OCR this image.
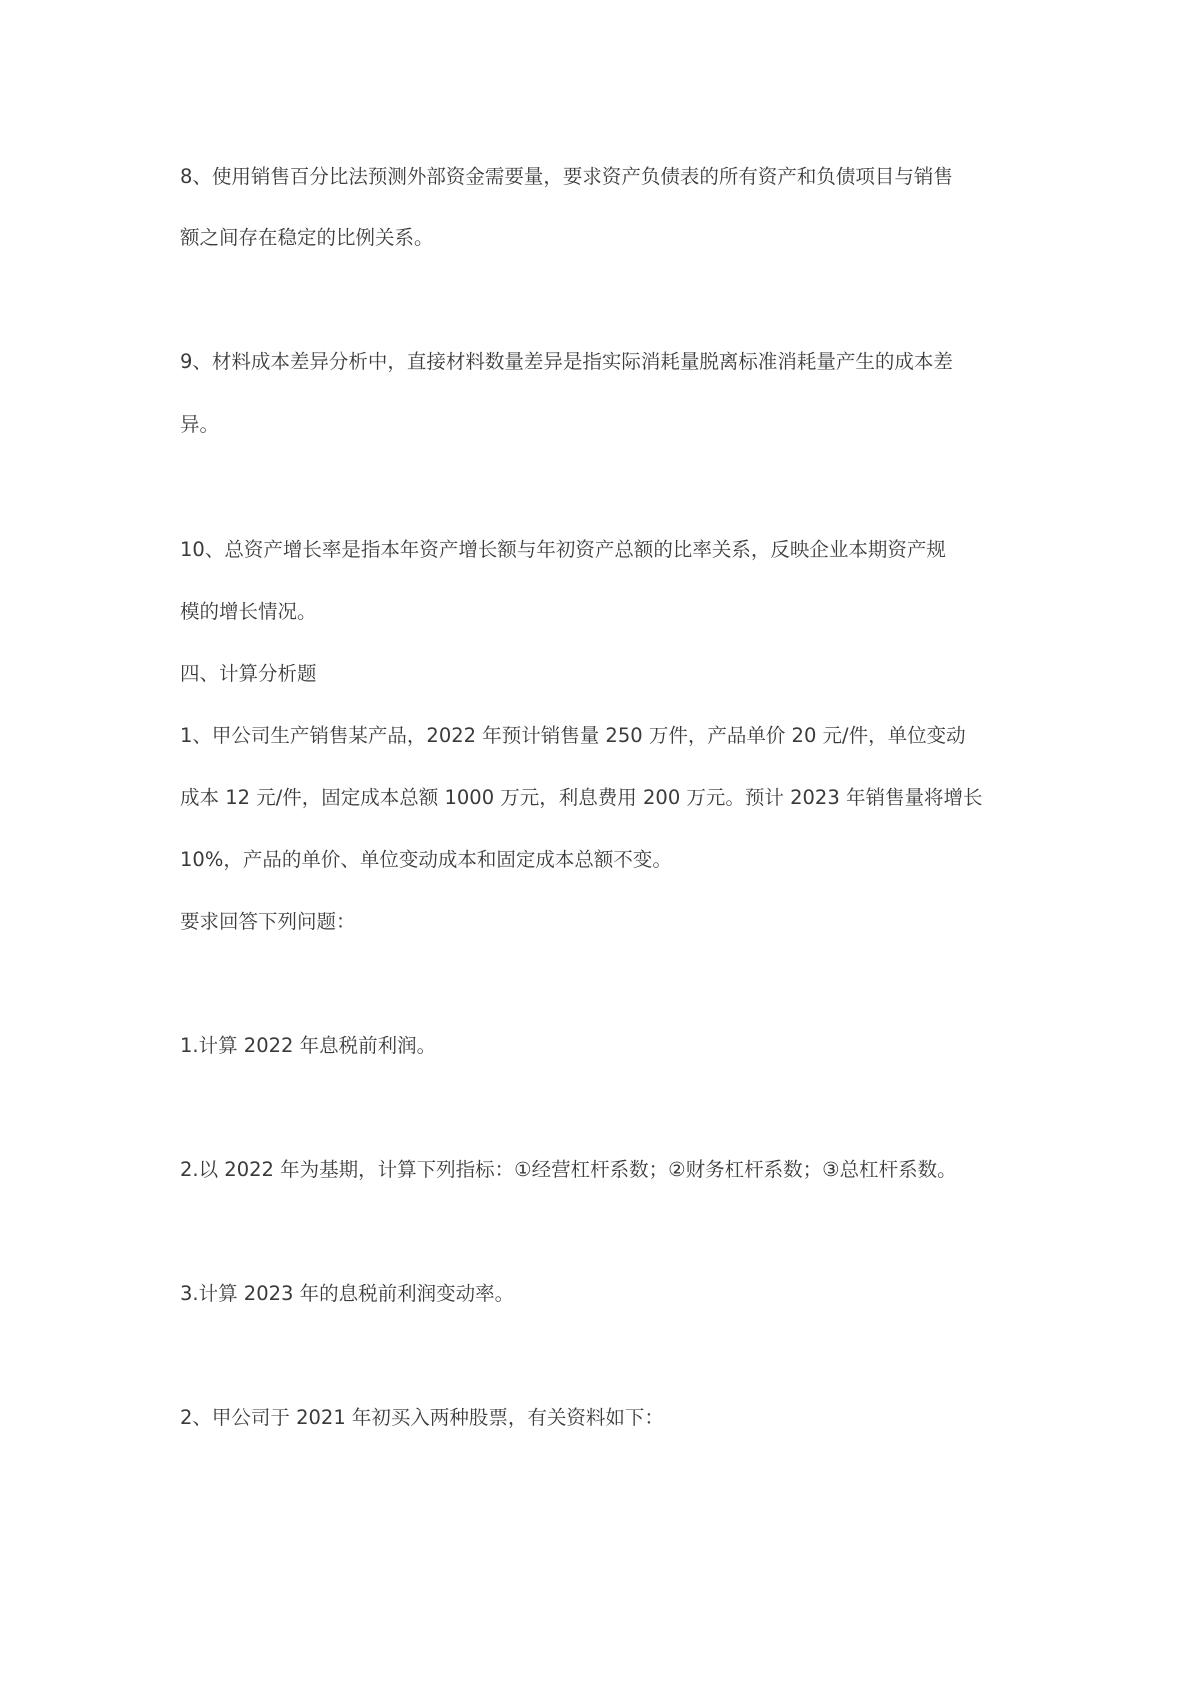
8、使用销售百分比法预测外部资金需要量，要求资产负债表的所有资产和负债项目与销售
额之间存在稳定的比例关系。
9、材料成本差异分析中，直接材料数量差异是指实际消耗量脱离标准消耗量产生的成本差
异。
10、总资产增长率是指本年资产增长额与年初资产总额的比率关系，反映企业本期资产规
模的增长情况。
四、计算分析题
1、甲公司生产销售某产品，2022 年预计销售量 250 万件，产品单价 20 元/件，单位变动
成本 12 元/件，固定成本总额 1000 万元，利息费用 200 万元。预计 2023 年销售量将增长
10%，产品的单价、单位变动成本和固定成本总额不变。
要求回答下列问题：
1.计算 2022 年息税前利润。
2.以 2022 年为基期，计算下列指标：①经营杠杆系数；②财务杠杆系数；③总杠杆系数。
3.计算 2023 年的息税前利润变动率。
2、甲公司于 2021 年初买入两种股票，有关资料如下：
